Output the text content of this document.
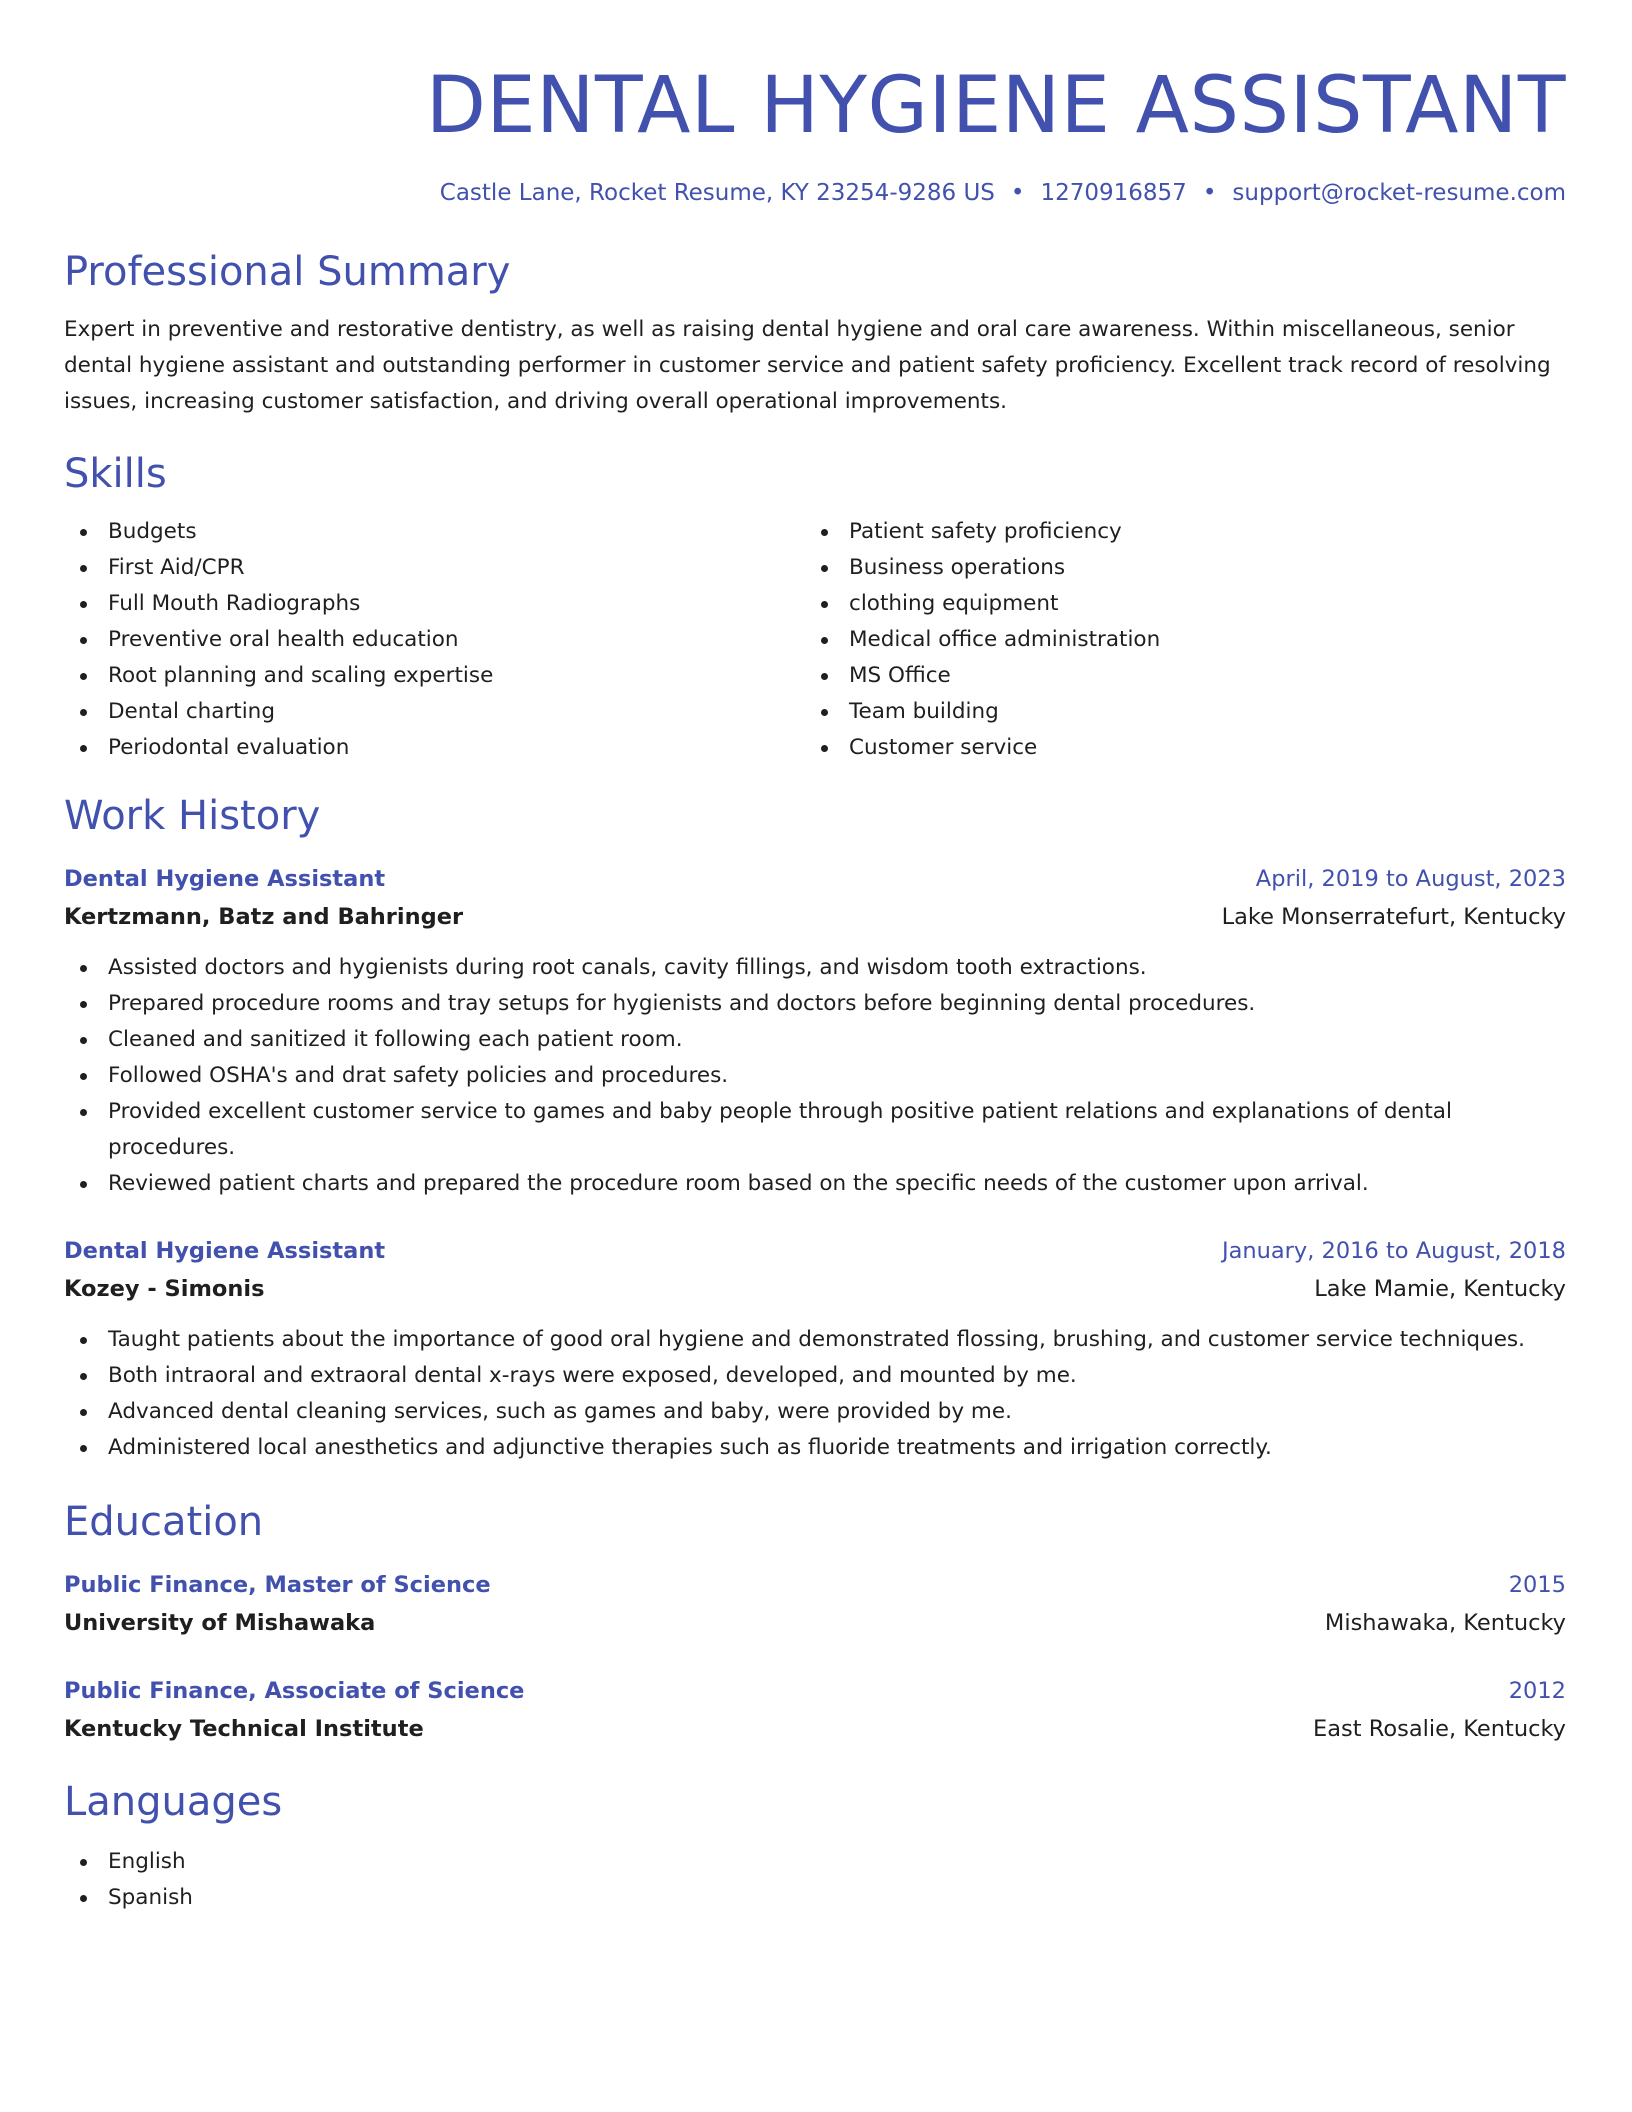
DENTAL HYGIENE ASSISTANT
Castle Lane, Rocket Resume, KY 23254-9286 US • 1270916857 • support@rocket-resume.com
Professional Summary
Expert in preventive and restorative dentistry, as well as raising dental hygiene and oral care awareness. Within miscellaneous, senior dental hygiene assistant and outstanding performer in customer service and patient safety proficiency. Excellent track record of resolving issues, increasing customer satisfaction, and driving overall operational improvements.
Skills
Budgets
First Aid/CPR
Full Mouth Radiographs
Preventive oral health education
Root planning and scaling expertise
Dental charting
Periodontal evaluation
Patient safety proficiency
Business operations
clothing equipment
Medical office administration
MS Office
Team building
Customer service
Work History
Dental Hygiene Assistant	April, 2019 to August, 2023
Kertzmann, Batz and Bahringer	Lake Monserratefurt, Kentucky
Assisted doctors and hygienists during root canals, cavity fillings, and wisdom tooth extractions.
Prepared procedure rooms and tray setups for hygienists and doctors before beginning dental procedures.
Cleaned and sanitized it following each patient room.
Followed OSHA's and drat safety policies and procedures.
Provided excellent customer service to games and baby people through positive patient relations and explanations of dental procedures.
Reviewed patient charts and prepared the procedure room based on the specific needs of the customer upon arrival.
Dental Hygiene Assistant	January, 2016 to August, 2018
Kozey - Simonis	Lake Mamie, Kentucky
Taught patients about the importance of good oral hygiene and demonstrated flossing, brushing, and customer service techniques.
Both intraoral and extraoral dental x-rays were exposed, developed, and mounted by me.
Advanced dental cleaning services, such as games and baby, were provided by me.
Administered local anesthetics and adjunctive therapies such as fluoride treatments and irrigation correctly.
Education
Public Finance, Master of Science	2015
University of Mishawaka	Mishawaka, Kentucky
Public Finance, Associate of Science	2012
Kentucky Technical Institute	East Rosalie, Kentucky
Languages
English
Spanish
